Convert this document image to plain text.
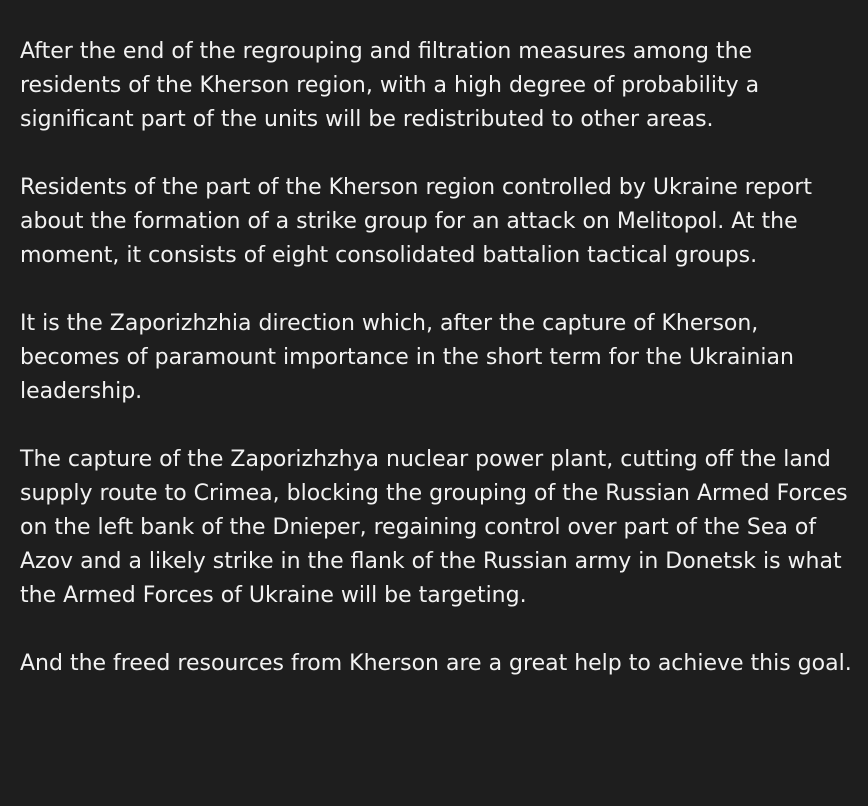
After the end of the regrouping and filtration measures among the residents of the Kherson region, with a high degree of probability a significant part of the units will be redistributed to other areas.

Residents of the part of the Kherson region controlled by Ukraine report about the formation of a strike group for an attack on Melitopol. At the moment, it consists of eight consolidated battalion tactical groups.

It is the Zaporizhzhia direction which, after the capture of Kherson, becomes of paramount importance in the short term for the Ukrainian leadership.

The capture of the Zaporizhzhya nuclear power plant, cutting off the land supply route to Crimea, blocking the grouping of the Russian Armed Forces on the left bank of the Dnieper, regaining control over part of the Sea of Azov and a likely strike in the flank of the Russian army in Donetsk is what the Armed Forces of Ukraine will be targeting.

And the freed resources from Kherson are a great help to achieve this goal.
